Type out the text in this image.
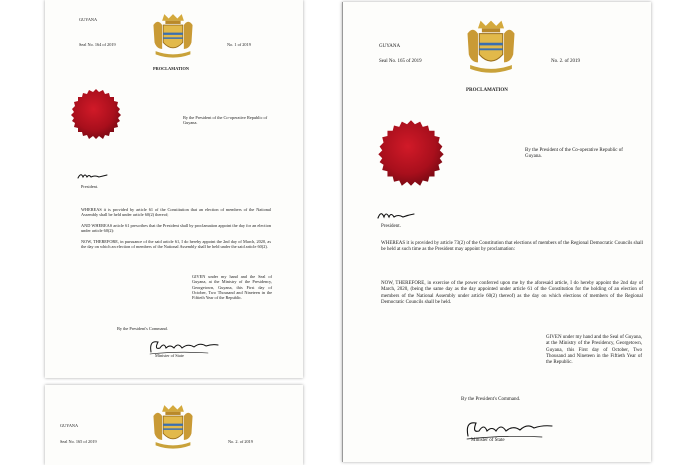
GUYANA
Seal No. 164 of 2019	No. 1 of 2019
PROCLAMATION
By the President of the Co-operative Republic of Guyana.
President.
WHEREAS it is provided by article 61 of the Constitution that an election of members of the National Assembly shall be held under article 60(2) thereof;
AND WHEREAS article 61 prescribes that the President shall by proclamation appoint the day for an election under article 60(2):
NOW, THEREFORE, in pursuance of the said article 61, I do hereby appoint the 2nd day of March, 2020, as the day on which an election of members of the National Assembly shall be held under the said article 60(2).
GIVEN under my hand and the Seal of Guyana, at the Ministry of the Presidency, Georgetown, Guyana, this First day of October, Two Thousand and Nineteen in the Fiftieth Year of the Republic.
By the President's Command.
Minister of State
GUYANA
Seal No. 165 of 2019	No. 2. of 2019
GUYANA
Seal No. 165 of 2019	No. 2. of 2019
PROCLAMATION
By the President of the Co-operative Republic of Guyana.
President.
WHEREAS it is provided by article 73(2) of the Constitution that elections of members of the Regional Democratic Councils shall be held at such time as the President may appoint by proclamation:
NOW, THEREFORE, in exercise of the power conferred upon me by the aforesaid article, I do hereby appoint the 2nd day of March, 2020, (being the same day as the day appointed under article 61 of the Constitution for the holding of an election of members of the National Assembly under article 60(2) thereof) as the day on which elections of members of the Regional Democratic Councils shall be held.
GIVEN under my hand and the Seal of Guyana, at the Ministry of the Presidency, Georgetown, Guyana, this First day of October, Two Thousand and Nineteen in the Fiftieth Year of the Republic.
By the President's Command.
Minister of State
